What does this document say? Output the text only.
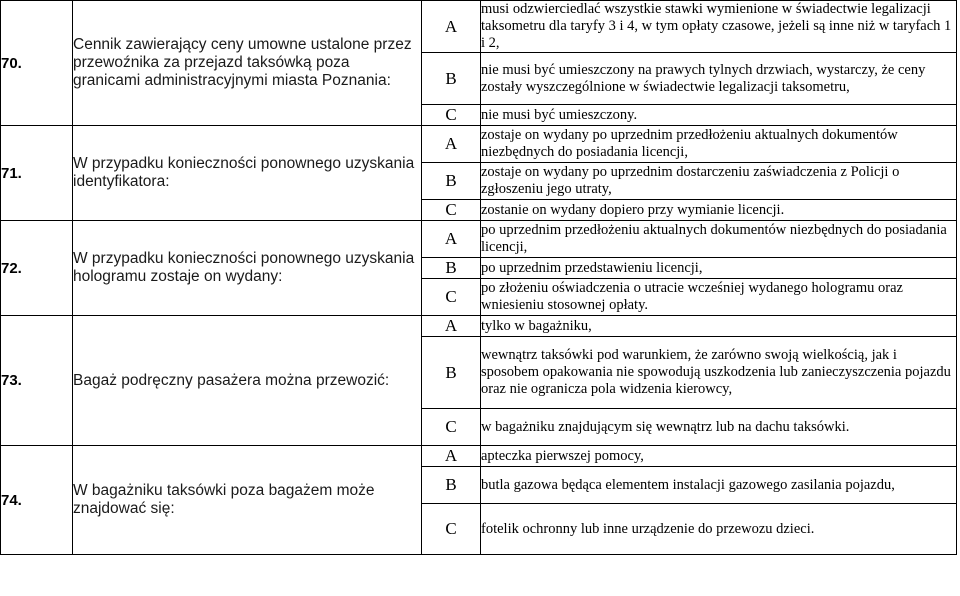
70.	Cennik zawierający ceny umowne ustalone przez przewoźnika za przejazd taksówką poza granicami administracyjnymi miasta Poznania:	A	musi odzwierciedlać wszystkie stawki wymienione w świadectwie legalizacji taksometru dla taryfy 3 i 4, w tym opłaty czasowe, jeżeli są inne niż w taryfach 1 i 2,
		B	nie musi być umieszczony na prawych tylnych drzwiach, wystarczy, że ceny zostały wyszczególnione w świadectwie legalizacji taksometru,
		C	nie musi być umieszczony.
71.	W przypadku konieczności ponownego uzyskania identyfikatora:	A	zostaje on wydany po uprzednim przedłożeniu aktualnych dokumentów niezbędnych do posiadania licencji,
		B	zostaje on wydany po uprzednim dostarczeniu zaświadczenia z Policji o zgłoszeniu jego utraty,
		C	zostanie on wydany dopiero przy wymianie licencji.
72.	W przypadku konieczności ponownego uzyskania hologramu zostaje on wydany:	A	po uprzednim przedłożeniu aktualnych dokumentów niezbędnych do posiadania licencji,
		B	po uprzednim przedstawieniu licencji,
		C	po złożeniu oświadczenia o utracie wcześniej wydanego hologramu oraz wniesieniu stosownej opłaty.
73.	Bagaż podręczny pasażera można przewozić:	A	tylko w bagażniku,
		B	wewnątrz taksówki pod warunkiem, że zarówno swoją wielkością, jak i sposobem opakowania nie spowodują uszkodzenia lub zanieczyszczenia pojazdu oraz nie ogranicza pola widzenia kierowcy,
		C	w bagażniku znajdującym się wewnątrz lub na dachu taksówki.
74.	W bagażniku taksówki poza bagażem może znajdować się:	A	apteczka pierwszej pomocy,
		B	butla gazowa będąca elementem instalacji gazowego zasilania pojazdu,
		C	fotelik ochronny lub inne urządzenie do przewozu dzieci.
